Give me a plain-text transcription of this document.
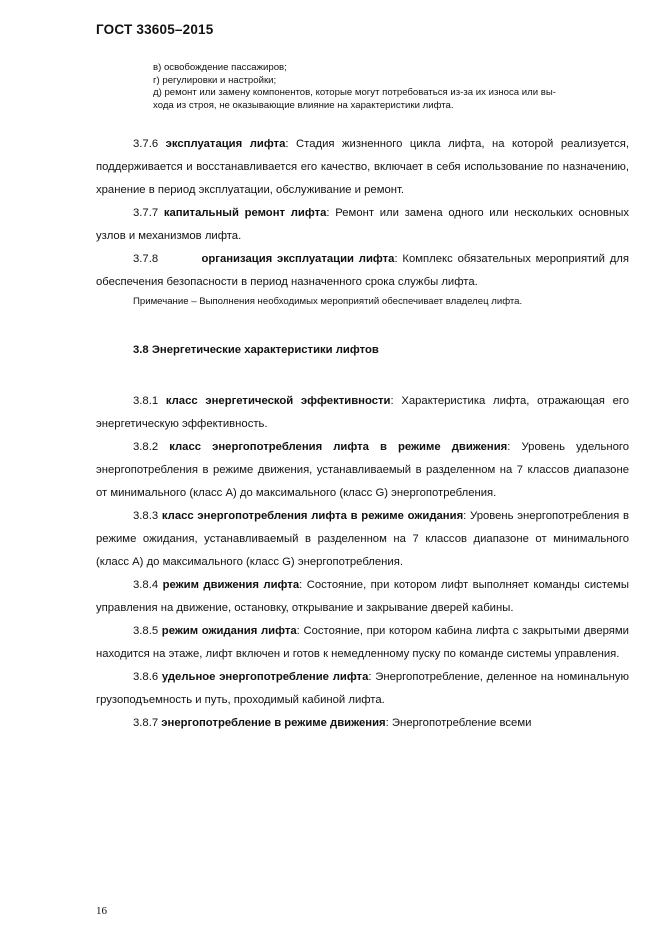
ГОСТ 33605–2015
в) освобождение пассажиров;
г) регулировки и настройки;
д) ремонт или замену компонентов, которые могут потребоваться из-за их износа или вы-
хода из строя, не оказывающие влияние на характеристики лифта.

3.7.6 эксплуатация лифта: Стадия жизненного цикла лифта, на которой реализуется, поддерживается и восстанавливается его качество, включает в себя использование по назначению, хранение в период эксплуатации, обслуживание и ремонт.

3.7.7 капитальный ремонт лифта: Ремонт или замена одного или нескольких основных узлов и механизмов лифта.

3.7.8	организация эксплуатации лифта: Комплекс обязательных мероприятий для обеспечения безопасности в период назначенного срока службы лифта.

Примечание – Выполнения необходимых мероприятий обеспечивает владелец лифта.

3.8 Энергетические характеристики лифтов

3.8.1 класс энергетической эффективности: Характеристика лифта, отражающая его энергетическую эффективность.

3.8.2 класс энергопотребления лифта в режиме движения: Уровень удельного энергопотребления в режиме движения, устанавливаемый в разделенном на 7 классов диапазоне от минимального (класс А) до максимального (класс G) энергопотребления.

3.8.3 класс энергопотребления лифта в режиме ожидания: Уровень энергопотребления в режиме ожидания, устанавливаемый в разделенном на 7 классов диапазоне от минимального (класс А) до максимального (класс G) энергопотребления.

3.8.4 режим движения лифта: Состояние, при котором лифт выполняет команды системы управления на движение, остановку, открывание и закрывание дверей кабины.

3.8.5 режим ожидания лифта: Состояние, при котором кабина лифта с закрытыми дверями находится на этаже, лифт включен и готов к немедленному пуску по команде системы управления.

3.8.6 удельное энергопотребление лифта: Энергопотребление, деленное на номинальную грузоподъемность и путь, проходимый кабиной лифта.

3.8.7 энергопотребление в режиме движения: Энергопотребление всеми

16
